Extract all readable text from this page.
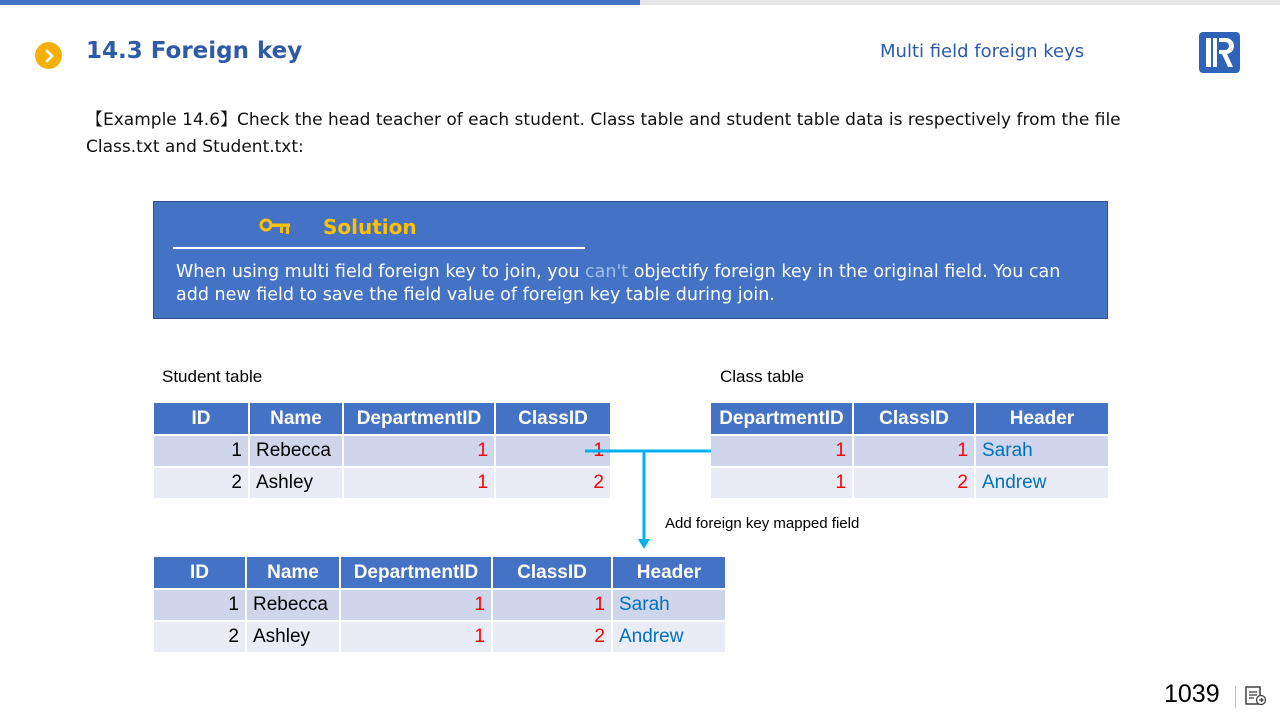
14.3 Foreign key	Multi field foreign keys
【Example 14.6】Check the head teacher of each student. Class table and student table data is respectively from the file Class.txt and Student.txt:
Solution
When using multi field foreign key to join, you can't objectify foreign key in the original field. You can add new field to save the field value of foreign key table during join.
Student table
ID	Name	DepartmentID	ClassID
1	Rebecca	1	1
2	Ashley	1	2
Class table
DepartmentID	ClassID	Header
1	1	Sarah
1	2	Andrew
Add foreign key mapped field
ID	Name	DepartmentID	ClassID	Header
1	Rebecca	1	1	Sarah
2	Ashley	1	2	Andrew
1039
